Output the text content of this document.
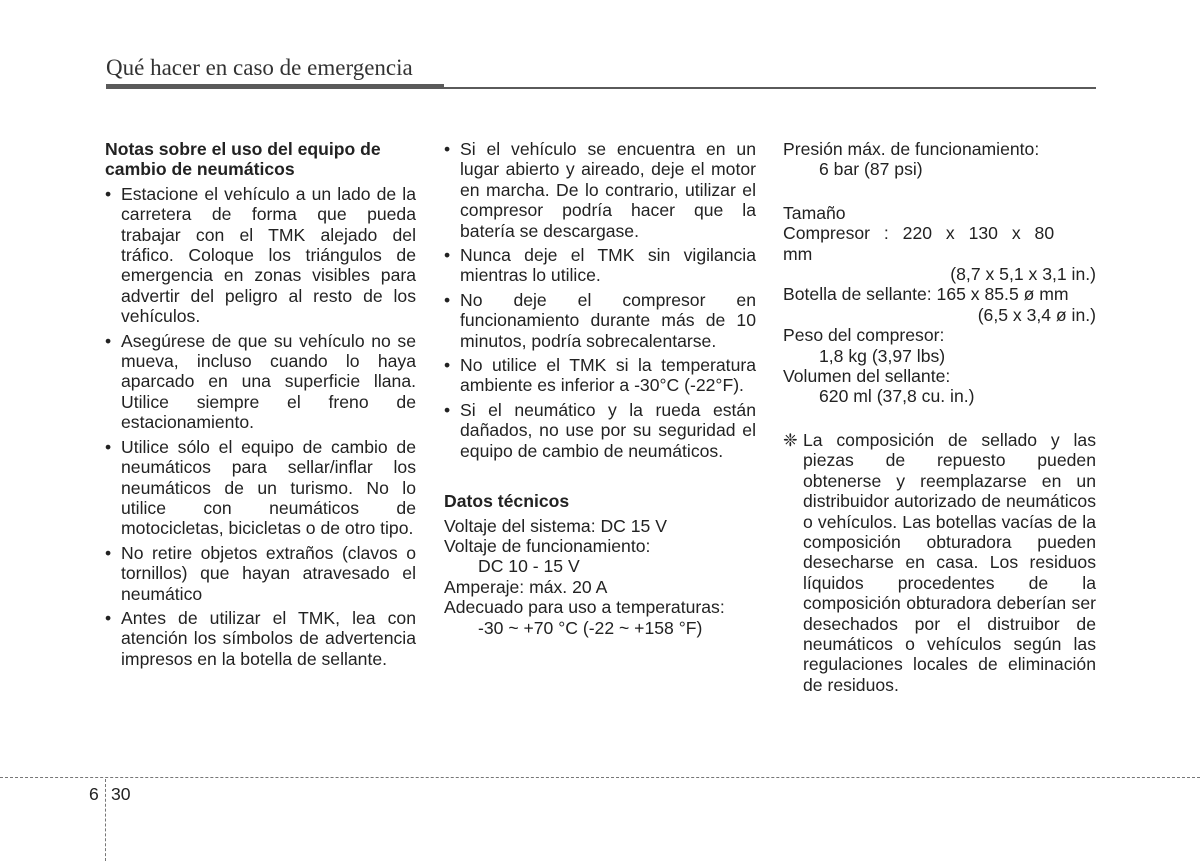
Qué hacer en caso de emergencia

Notas sobre el uso del equipo de cambio de neumáticos

• Estacione el vehículo a un lado de la carretera de forma que pueda trabajar con el TMK alejado del tráfico. Coloque los triángulos de emergencia en zonas visibles para advertir del peligro al resto de los vehículos.
• Asegúrese de que su vehículo no se mueva, incluso cuando lo haya aparcado en una superficie llana. Utilice siempre el freno de estacionamiento.
• Utilice sólo el equipo de cambio de neumáticos para sellar/inflar los neumáticos de un turismo. No lo utilice con neumáticos de motocicletas, bicicletas o de otro tipo.
• No retire objetos extraños (clavos o tornillos) que hayan atravesado el neumático
• Antes de utilizar el TMK, lea con atención los símbolos de advertencia impresos en la botella de sellante.
• Si el vehículo se encuentra en un lugar abierto y aireado, deje el motor en marcha. De lo contrario, utilizar el compresor podría hacer que la batería se descargase.
• Nunca deje el TMK sin vigilancia mientras lo utilice.
• No deje el compresor en funcionamiento durante más de 10 minutos, podría sobrecalentarse.
• No utilice el TMK si la temperatura ambiente es inferior a -30°C (-22°F).
• Si el neumático y la rueda están dañados, no use por su seguridad el equipo de cambio de neumáticos.

Datos técnicos

Voltaje del sistema: DC 15 V

Voltaje de funcionamiento:

DC 10 - 15 V

Amperaje: máx. 20 A

Adecuado para uso a temperaturas:

-30 ~ +70 °C (-22 ~ +158 °F)

Presión máx. de funcionamiento:

6 bar (87 psi)

Tamaño

Compresor : 220 x 130 x 80 mm

(8,7 x 5,1 x 3,1 in.)

Botella de sellante: 165 x 85.5 ø mm

(6,5 x 3,4 ø in.)

Peso del compresor:

1,8 kg (3,97 lbs)

Volumen del sellante:

620 ml (37,8 cu. in.)

❈ La composición de sellado y las piezas de repuesto pueden obtenerse y reemplazarse en un distribuidor autorizado de neumáticos o vehículos. Las botellas vacías de la composición obturadora pueden desecharse en casa. Los residuos líquidos procedentes de la composición obturadora deberían ser desechados por el distruibor de neumáticos o vehículos según las regulaciones locales de eliminación de residuos.

6 30
